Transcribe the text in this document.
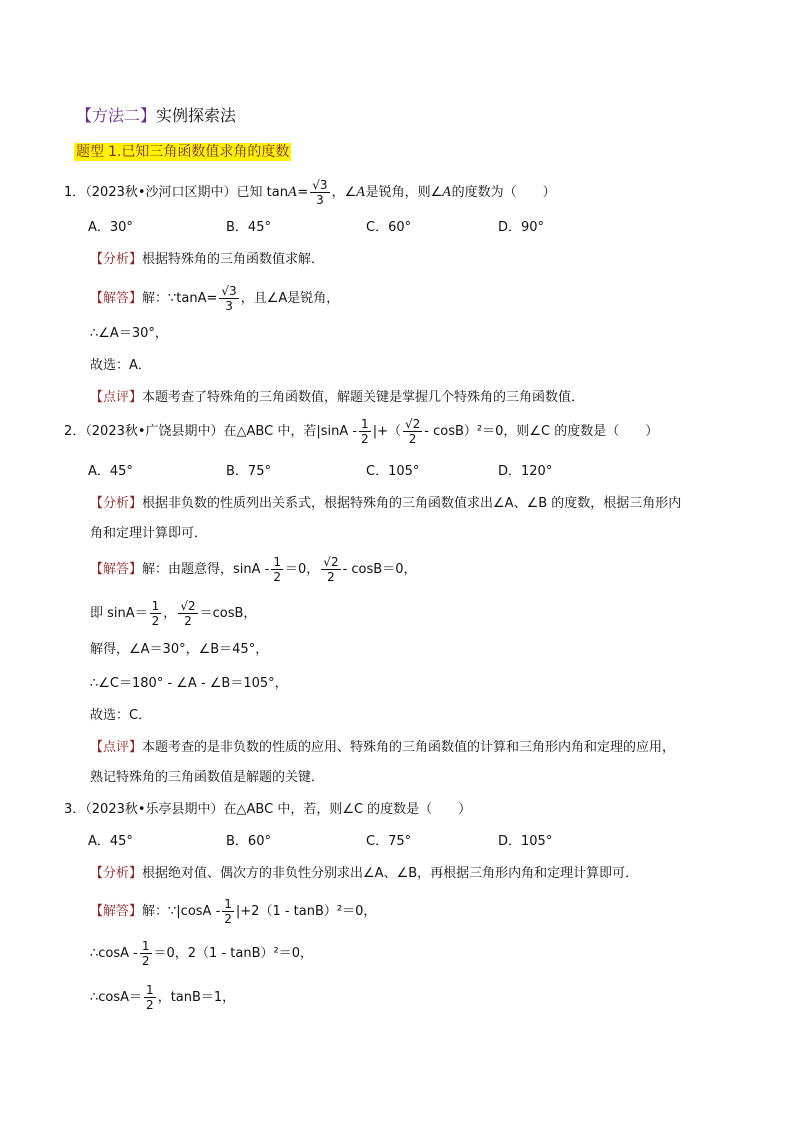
【方法二】实例探索法
题型 1.已知三角函数值求角的度数
1．（2023秋•沙河口区期中）已知 $\tan A= \frac{√3}{3}$ ，∠A是锐角，则∠A的度数为（　　）
A．30°	B．45°	C．60°	D．90°
【分析】根据特殊角的三角函数值求解．
【解答】解：∵tanA= $\frac{√3}{3}$ ，且∠A是锐角，
∴∠A＝30°，
故选：A．
【点评】本题考查了特殊角的三角函数值，解题关键是掌握几个特殊角的三角函数值．
2．（2023秋•广饶县期中）在△ABC 中，若$|\sin A - \frac{1}{2}$ |+（ $\frac{√2}{2} - \cos B)^2=0$，则∠C 的度数是（　　）
A．45°	B．75°	C．105°	D．120°
【分析】根据非负数的性质列出关系式，根据特殊角的三角函数值求出∠A、∠B 的度数，根据三角形内
角和定理计算即可．
【解答】解：由题意得，$\sin A - \frac{1}{2} =0$， $\frac{√2}{2} - \cos B=0$，
即 $\sin A= \frac{1}{2}$ ， $\frac{√2}{2} =\cos B$，
解得，∠A＝30°，∠B＝45°，
∴∠C＝180° - ∠A - ∠B＝105°，
故选：C．
【点评】本题考查的是非负数的性质的应用、特殊角的三角函数值的计算和三角形内角和定理的应用，
熟记特殊角的三角函数值是解题的关键．
3．（2023秋•乐亭县期中）在△ABC 中，若，则∠C 的度数是（　　）
A．45°	B．60°	C．75°	D．105°
【分析】根据绝对值、偶次方的非负性分别求出∠A、∠B，再根据三角形内角和定理计算即可．
【解答】解：∵|cosA - $\frac{1}{2} |+2(1 - \tan B)^2=0$，
∴cosA - $\frac{1}{2} =0$，2（1 - tanB）²＝0，
∴cosA＝ $\frac{1}{2}$ ，tanB＝1，
